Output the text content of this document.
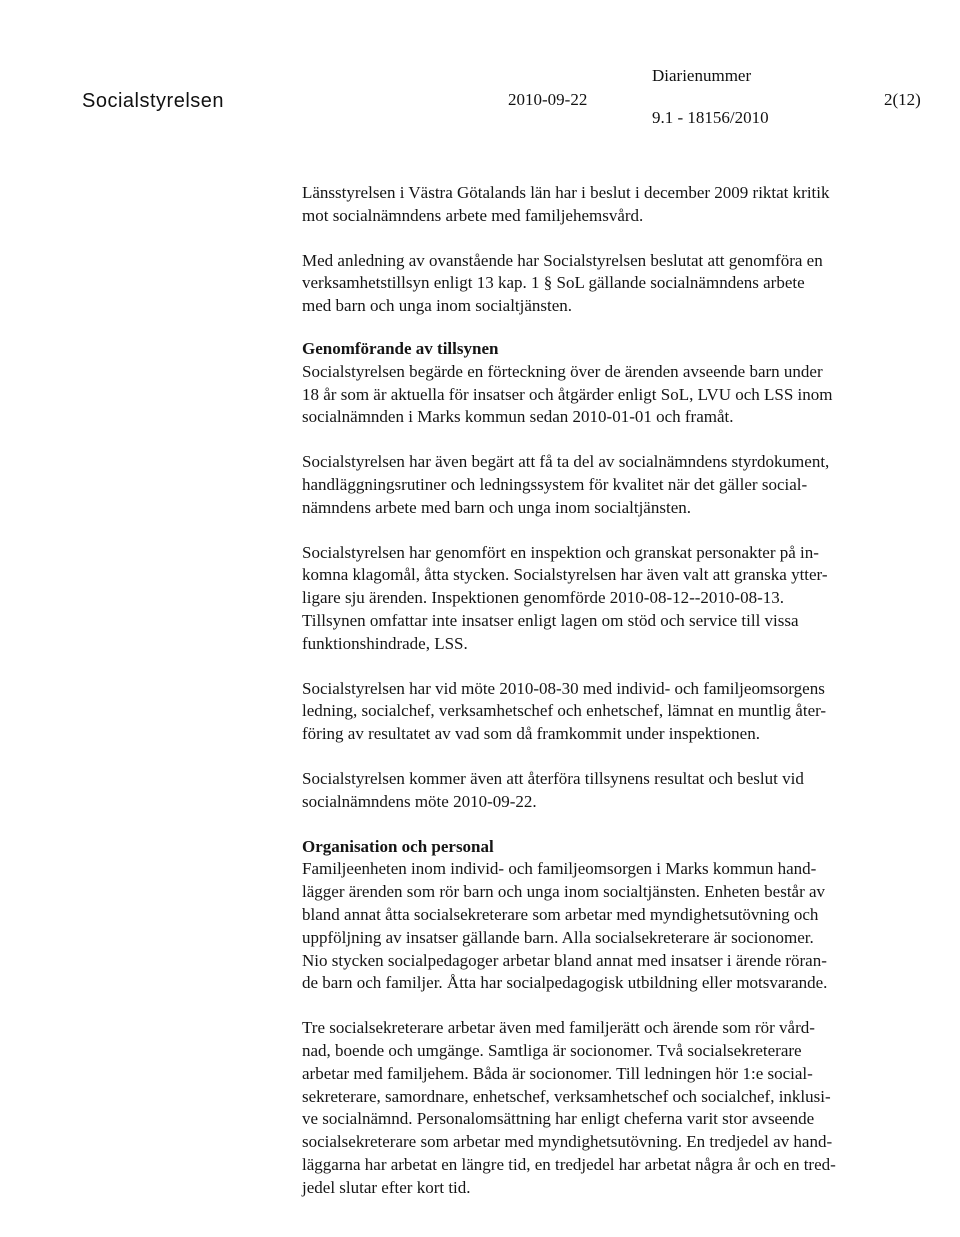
Socialstyrelsen	2010-09-22
Diarienummer
9.1 - 18156/2010
2(12)
Länsstyrelsen i Västra Götalands län har i beslut i december 2009 riktat kritik
mot socialnämndens arbete med familjehemsvård.
Med anledning av ovanstående har Socialstyrelsen beslutat att genomföra en
verksamhetstillsyn enligt 13 kap. 1 § SoL gällande socialnämndens arbete
med barn och unga inom socialtjänsten.
Genomförande av tillsynen
Socialstyrelsen begärde en förteckning över de ärenden avseende barn under
18 år som är aktuella för insatser och åtgärder enligt SoL, LVU och LSS inom
socialnämnden i Marks kommun sedan 2010-01-01 och framåt.
Socialstyrelsen har även begärt att få ta del av socialnämndens styrdokument,
handläggningsrutiner och ledningssystem för kvalitet när det gäller social-
nämndens arbete med barn och unga inom socialtjänsten.
Socialstyrelsen har genomfört en inspektion och granskat personakter på in-
komna klagomål, åtta stycken. Socialstyrelsen har även valt att granska ytter-
ligare sju ärenden. Inspektionen genomförde 2010-08-12--2010-08-13.
Tillsynen omfattar inte insatser enligt lagen om stöd och service till vissa
funktionshindrade, LSS.
Socialstyrelsen har vid möte 2010-08-30 med individ- och familjeomsorgens
ledning, socialchef, verksamhetschef och enhetschef, lämnat en muntlig åter-
föring av resultatet av vad som då framkommit under inspektionen.
Socialstyrelsen kommer även att återföra tillsynens resultat och beslut vid
socialnämndens möte 2010-09-22.
Organisation och personal
Familjeenheten inom individ- och familjeomsorgen i Marks kommun hand-
lägger ärenden som rör barn och unga inom socialtjänsten. Enheten består av
bland annat åtta socialsekreterare som arbetar med myndighetsutövning och
uppföljning av insatser gällande barn. Alla socialsekreterare är socionomer.
Nio stycken socialpedagoger arbetar bland annat med insatser i ärende röran-
de barn och familjer. Åtta har socialpedagogisk utbildning eller motsvarande.
Tre socialsekreterare arbetar även med familjerätt och ärende som rör vård-
nad, boende och umgänge. Samtliga är socionomer. Två socialsekreterare
arbetar med familjehem. Båda är socionomer. Till ledningen hör 1:e social-
sekreterare, samordnare, enhetschef, verksamhetschef och socialchef, inklusi-
ve socialnämnd. Personalomsättning har enligt cheferna varit stor avseende
socialsekreterare som arbetar med myndighetsutövning. En tredjedel av hand-
läggarna har arbetat en längre tid, en tredjedel har arbetat några år och en tred-
jedel slutar efter kort tid.
